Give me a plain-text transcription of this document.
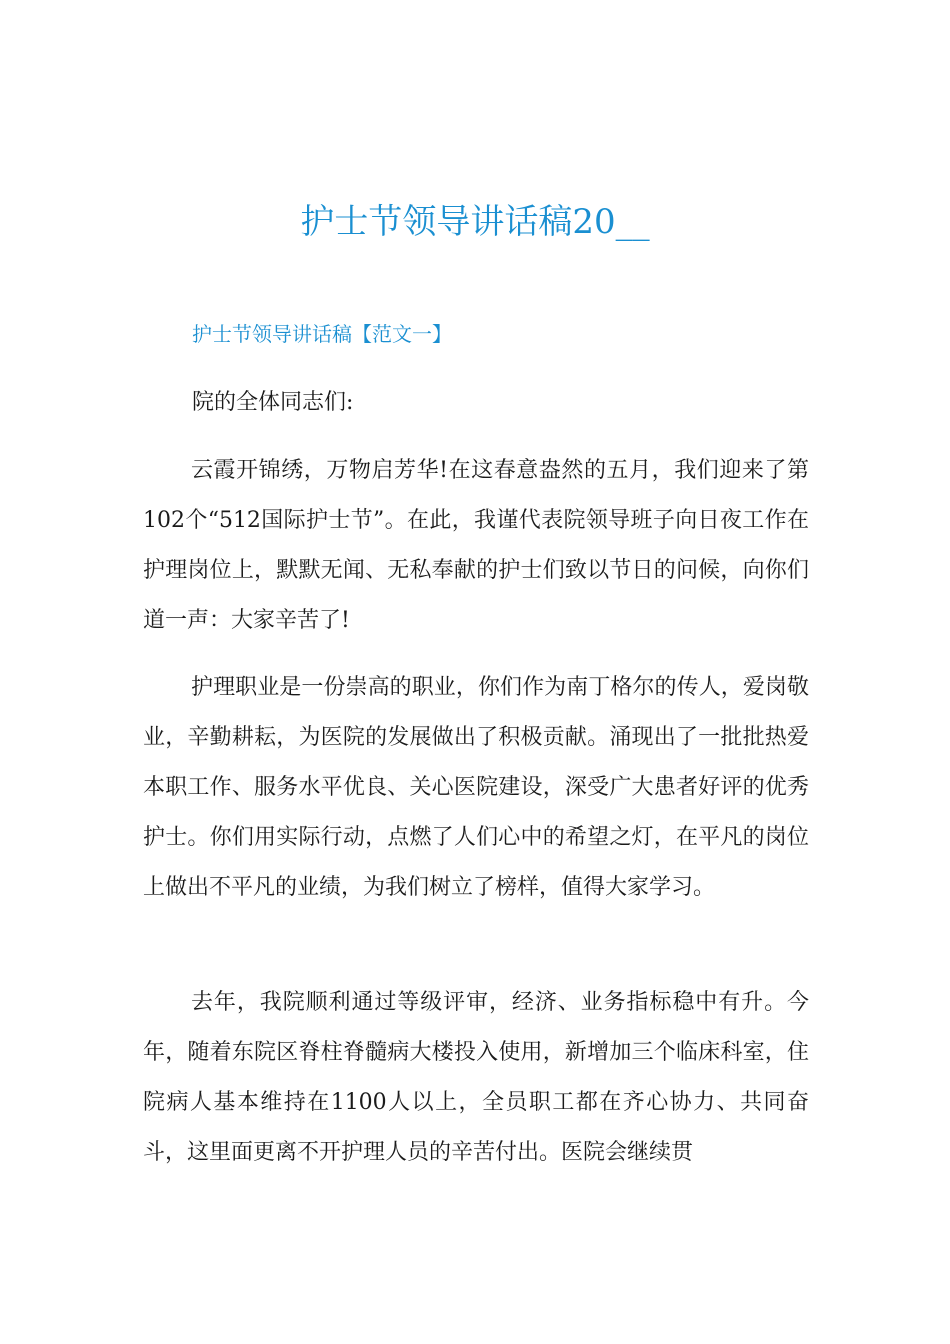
护士节领导讲话稿20__
护士节领导讲话稿【范文一】

院的全体同志们:

云霞开锦绣，万物启芳华!在这春意盎然的五月，我们迎来了第102个“512国际护士节”。在此，我谨代表院领导班子向日夜工作在护理岗位上，默默无闻、无私奉献的护士们致以节日的问候，向你们道一声：大家辛苦了!

护理职业是一份崇高的职业，你们作为南丁格尔的传人，爱岗敬业，辛勤耕耘，为医院的发展做出了积极贡献。涌现出了一批批热爱本职工作、服务水平优良、关心医院建设，深受广大患者好评的优秀护士。你们用实际行动，点燃了人们心中的希望之灯，在平凡的岗位上做出不平凡的业绩，为我们树立了榜样，值得大家学习。

去年，我院顺利通过等级评审，经济、业务指标稳中有升。今年，随着东院区脊柱脊髓病大楼投入使用，新增加三个临床科室，住院病人基本维持在1100人以上，全员职工都在齐心协力、共同奋斗，这里面更离不开护理人员的辛苦付出。医院会继续贯
